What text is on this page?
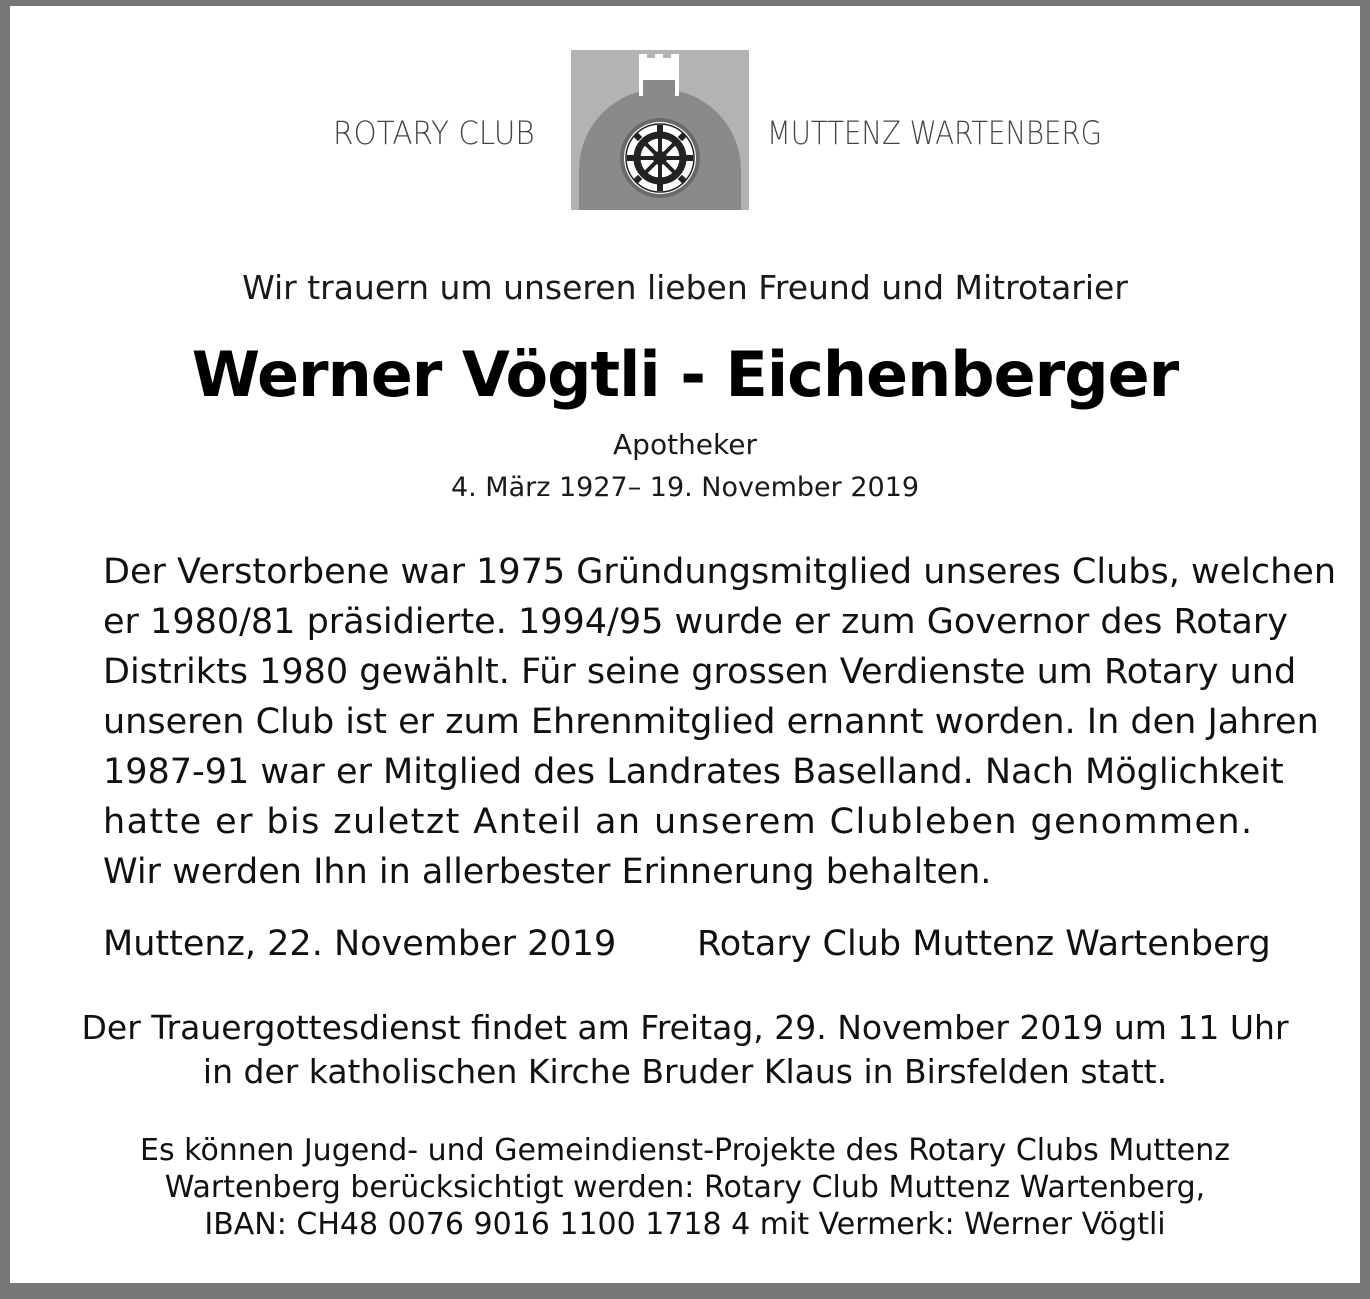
ROTARY CLUB	MUTTENZ WARTENBERG
Wir trauern um unseren lieben Freund und Mitrotarier
Werner Vögtli - Eichenberger
Apotheker
4. März 1927– 19. November 2019
Der Verstorbene war 1975 Gründungsmitglied unseres Clubs, welchen
er 1980/81 präsidierte. 1994/95 wurde er zum Governor des Rotary
Distrikts 1980 gewählt. Für seine grossen Verdienste um Rotary und
unseren Club ist er zum Ehrenmitglied ernannt worden. In den Jahren
1987-91 war er Mitglied des Landrates Baselland. Nach Möglichkeit
hatte er bis zuletzt Anteil an unserem Clubleben genommen.
Wir werden Ihn in allerbester Erinnerung behalten.
Muttenz, 22. November 2019 Rotary Club Muttenz Wartenberg
Der Trauergottesdienst findet am Freitag, 29. November 2019 um 11 Uhr
in der katholischen Kirche Bruder Klaus in Birsfelden statt.
Es können Jugend- und Gemeindienst-Projekte des Rotary Clubs Muttenz
Wartenberg berücksichtigt werden: Rotary Club Muttenz Wartenberg,
IBAN: CH48 0076 9016 1100 1718 4 mit Vermerk: Werner Vögtli
